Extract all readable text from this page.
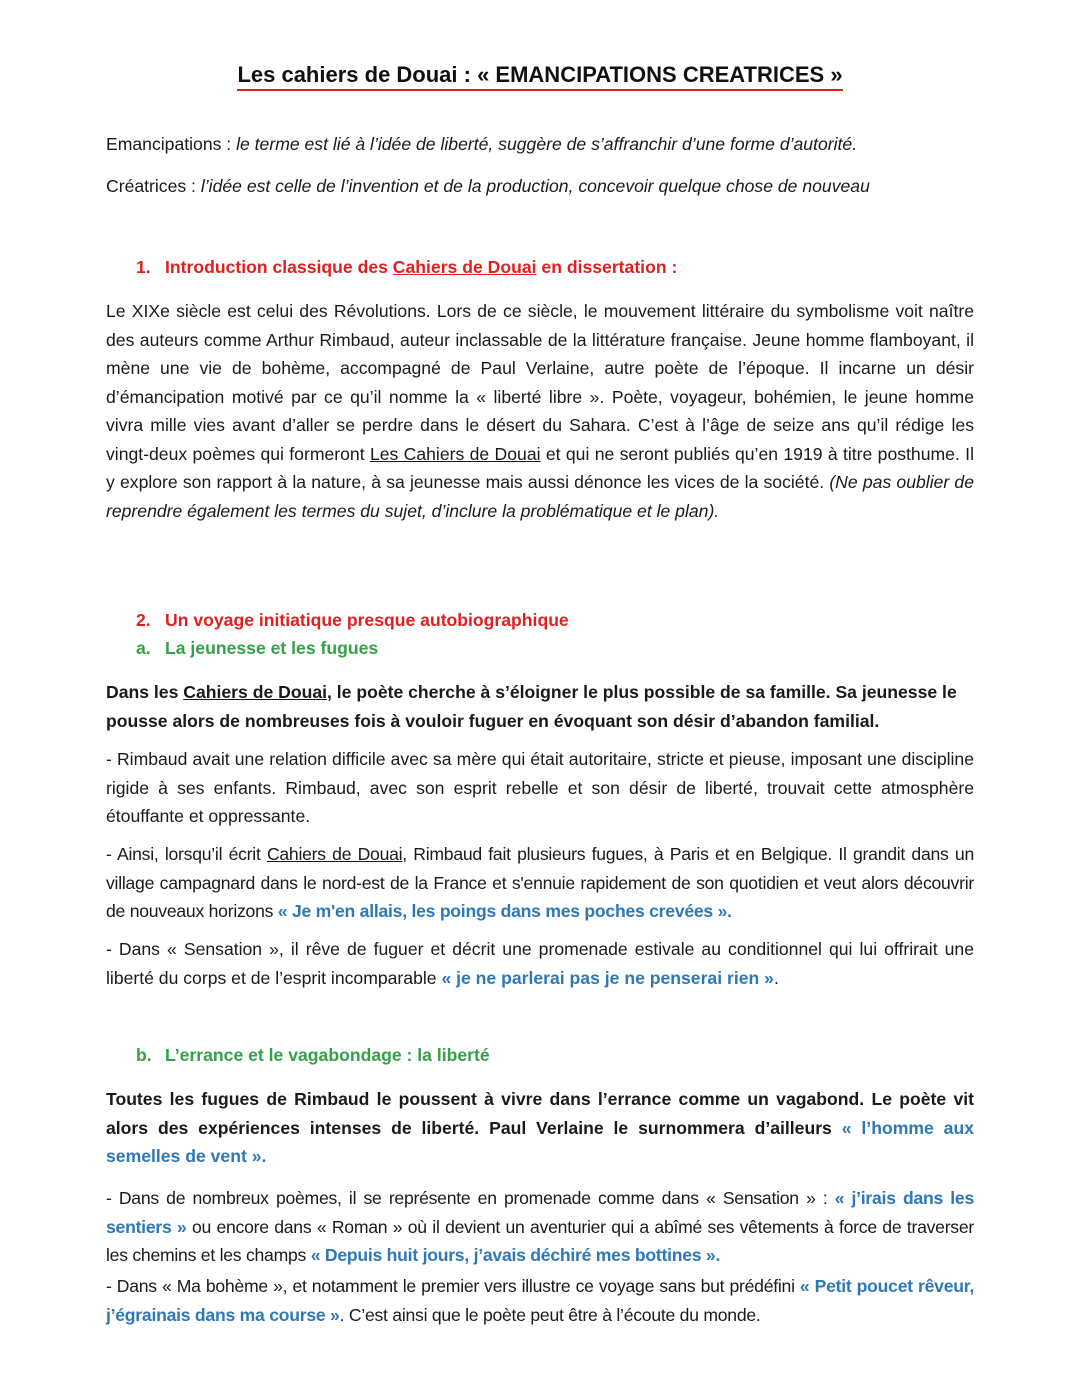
Les cahiers de Douai : « EMANCIPATIONS CREATRICES »
Emancipations : le terme est lié à l’idée de liberté, suggère de s’affranchir d’une forme d’autorité.
Créatrices : l’idée est celle de l’invention et de la production, concevoir quelque chose de nouveau
1. Introduction classique des Cahiers de Douai en dissertation :
Le XIXe siècle est celui des Révolutions. Lors de ce siècle, le mouvement littéraire du symbolisme voit naître des auteurs comme Arthur Rimbaud, auteur inclassable de la littérature française. Jeune homme flamboyant, il mène une vie de bohème, accompagné de Paul Verlaine, autre poète de l’époque. Il incarne un désir d’émancipation motivé par ce qu’il nomme la « liberté libre ». Poète, voyageur, bohémien, le jeune homme vivra mille vies avant d’aller se perdre dans le désert du Sahara. C’est à l’âge de seize ans qu’il rédige les vingt-deux poèmes qui formeront Les Cahiers de Douai et qui ne seront publiés qu’en 1919 à titre posthume. Il y explore son rapport à la nature, à sa jeunesse mais aussi dénonce les vices de la société. (Ne pas oublier de reprendre également les termes du sujet, d’inclure la problématique et le plan).
2. Un voyage initiatique presque autobiographique
a. La jeunesse et les fugues
Dans les Cahiers de Douai, le poète cherche à s’éloigner le plus possible de sa famille. Sa jeunesse le pousse alors de nombreuses fois à vouloir fuguer en évoquant son désir d’abandon familial.
- Rimbaud avait une relation difficile avec sa mère qui était autoritaire, stricte et pieuse, imposant une discipline rigide à ses enfants. Rimbaud, avec son esprit rebelle et son désir de liberté, trouvait cette atmosphère étouffante et oppressante.
- Ainsi, lorsqu’il écrit Cahiers de Douai, Rimbaud fait plusieurs fugues, à Paris et en Belgique. Il grandit dans un village campagnard dans le nord-est de la France et s'ennuie rapidement de son quotidien et veut alors découvrir de nouveaux horizons « Je m'en allais, les poings dans mes poches crevées ».
- Dans « Sensation », il rêve de fuguer et décrit une promenade estivale au conditionnel qui lui offrirait une liberté du corps et de l’esprit incomparable « je ne parlerai pas je ne penserai rien ».
b. L’errance et le vagabondage : la liberté
Toutes les fugues de Rimbaud le poussent à vivre dans l’errance comme un vagabond. Le poète vit alors des expériences intenses de liberté. Paul Verlaine le surnommera d’ailleurs « l’homme aux semelles de vent ».
- Dans de nombreux poèmes, il se représente en promenade comme dans « Sensation » : « j’irais dans les sentiers » ou encore dans « Roman » où il devient un aventurier qui a abîmé ses vêtements à force de traverser les chemins et les champs « Depuis huit jours, j’avais déchiré mes bottines ».
- Dans « Ma bohème », et notamment le premier vers illustre ce voyage sans but prédéfini « Petit poucet rêveur, j’égrainais dans ma course ». C’est ainsi que le poète peut être à l’écoute du monde.
